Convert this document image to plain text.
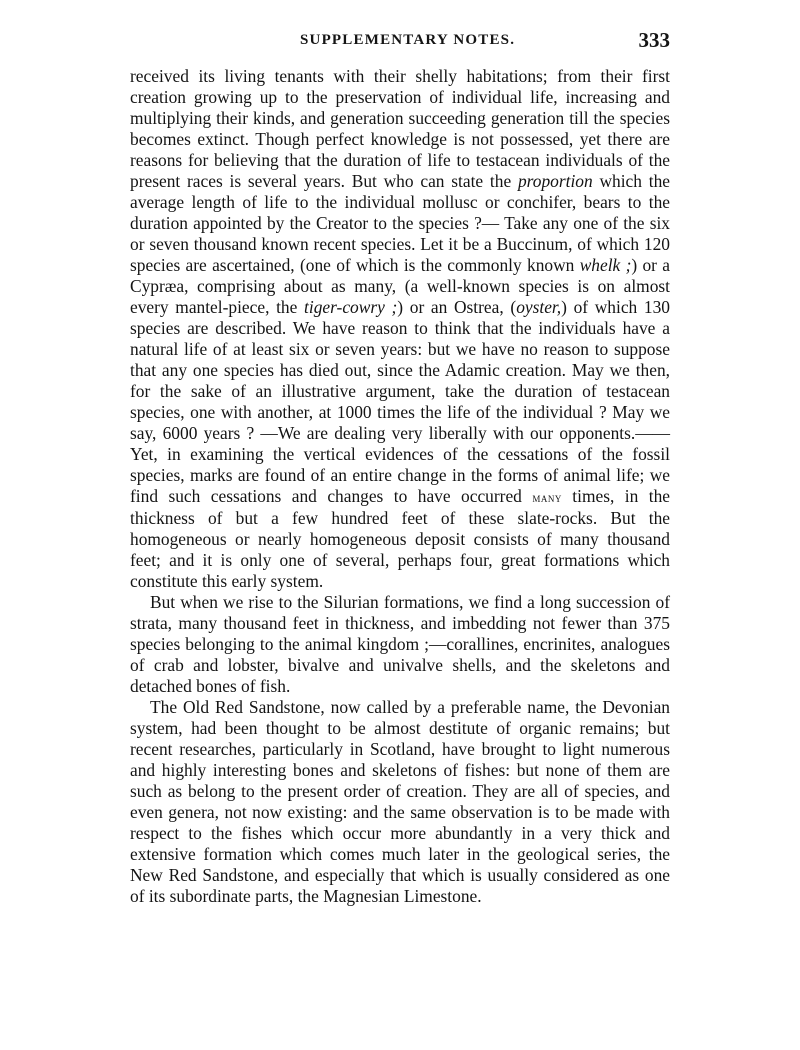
SUPPLEMENTARY NOTES.	333

received its living tenants with their shelly habitations; from their first creation growing up to the preservation of individual life, increasing and multiplying their kinds, and generation succeeding generation till the species becomes extinct. Though perfect knowledge is not possessed, yet there are reasons for believing that the duration of life to testacean individuals of the present races is several years. But who can state the proportion which the average length of life to the individual mollusc or conchifer, bears to the duration appointed by the Creator to the species ?— Take any one of the six or seven thousand known recent species. Let it be a Buccinum, of which 120 species are ascertained, (one of which is the commonly known whelk ;) or a Cypræa, comprising about as many, (a well-known species is on almost every mantel-piece, the tiger-cowry ;) or an Ostrea, (oyster,) of which 130 species are described. We have reason to think that the individuals have a natural life of at least six or seven years: but we have no reason to suppose that any one species has died out, since the Adamic creation. May we then, for the sake of an illustrative argument, take the duration of testacean species, one with another, at 1000 times the life of the individual ? May we say, 6000 years ? —We are dealing very liberally with our opponents.——Yet, in examining the vertical evidences of the cessations of the fossil species, marks are found of an entire change in the forms of animal life; we find such cessations and changes to have occurred many times, in the thickness of but a few hundred feet of these slate-rocks. But the homogeneous or nearly homogeneous deposit consists of many thousand feet; and it is only one of several, perhaps four, great formations which constitute this early system.

But when we rise to the Silurian formations, we find a long succession of strata, many thousand feet in thickness, and imbedding not fewer than 375 species belonging to the animal kingdom ;—corallines, encrinites, analogues of crab and lobster, bivalve and univalve shells, and the skeletons and detached bones of fish.

The Old Red Sandstone, now called by a preferable name, the Devonian system, had been thought to be almost destitute of organic remains; but recent researches, particularly in Scotland, have brought to light numerous and highly interesting bones and skeletons of fishes: but none of them are such as belong to the present order of creation. They are all of species, and even genera, not now existing: and the same observation is to be made with respect to the fishes which occur more abundantly in a very thick and extensive formation which comes much later in the geological series, the New Red Sandstone, and especially that which is usually considered as one of its subordinate parts, the Magnesian Limestone.
